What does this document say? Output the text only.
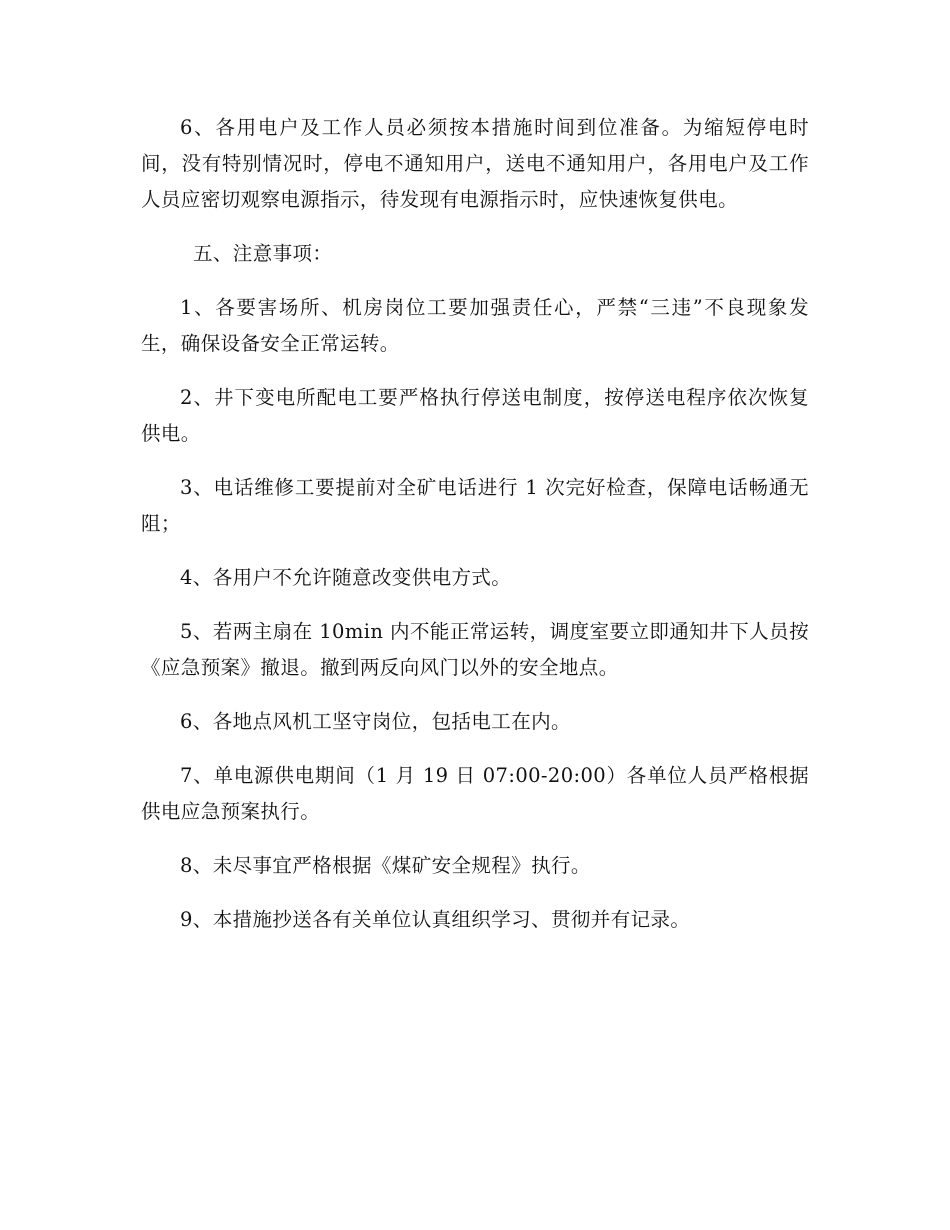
6、各用电户及工作人员必须按本措施时间到位准备。为缩短停电时间，没有特别情况时，停电不通知用户，送电不通知用户，各用电户及工作人员应密切观察电源指示，待发现有电源指示时，应快速恢复供电。

五、注意事项：

1、各要害场所、机房岗位工要加强责任心，严禁“三违”不良现象发生，确保设备安全正常运转。

2、井下变电所配电工要严格执行停送电制度，按停送电程序依次恢复供电。

3、电话维修工要提前对全矿电话进行 1 次完好检查，保障电话畅通无阻；

4、各用户不允许随意改变供电方式。

5、若两主扇在 10min 内不能正常运转，调度室要立即通知井下人员按《应急预案》撤退。撤到两反向风门以外的安全地点。

6、各地点风机工坚守岗位，包括电工在内。

7、单电源供电期间（1 月 19 日 07:00-20:00）各单位人员严格根据供电应急预案执行。

8、未尽事宜严格根据《煤矿安全规程》执行。

9、本措施抄送各有关单位认真组织学习、贯彻并有记录。
